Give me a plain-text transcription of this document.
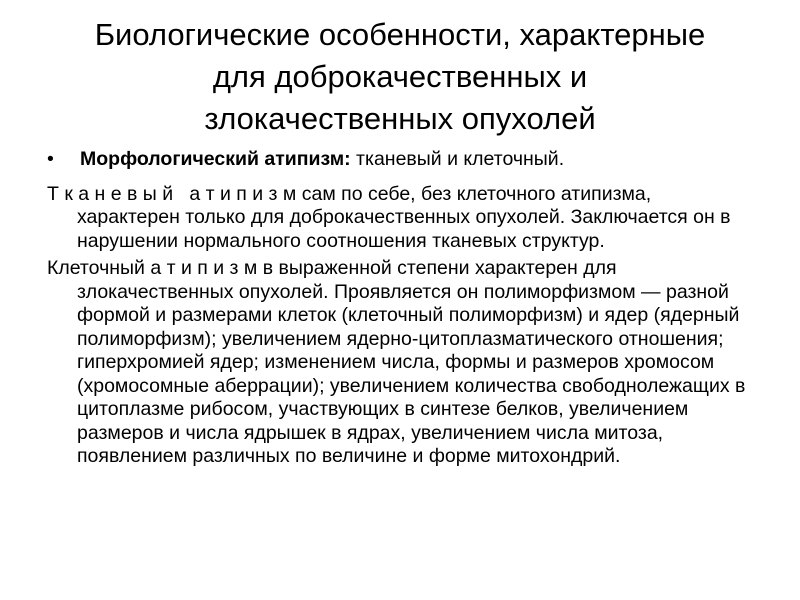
Биологические особенности, характерные
для доброкачественных и
злокачественных опухолей
• Морфологический атипизм: тканевый и клеточный.

Т к а н е в ы й   а т и п и з м сам по себе, без клеточного атипизма, характерен только для доброкачественных опухолей. Заключается он в нарушении нормального соотношения тканевых структур.

Клеточный а т и п и з м в выраженной степени характерен для злокачественных опухолей. Проявляется он полиморфизмом — разной формой и размерами клеток (клеточный полиморфизм) и ядер (ядерный полиморфизм); увеличением ядерно-цитоплазматического отношения; гиперхромией ядер; изменением числа, формы и размеров хромосом (хромосомные аберрации); увеличением количества свободнолежащих в цитоплазме рибосом, участвующих в синтезе белков, увеличением размеров и числа ядрышек в ядрах, увеличением числа митоза, появлением различных по величине и форме митохондрий.
